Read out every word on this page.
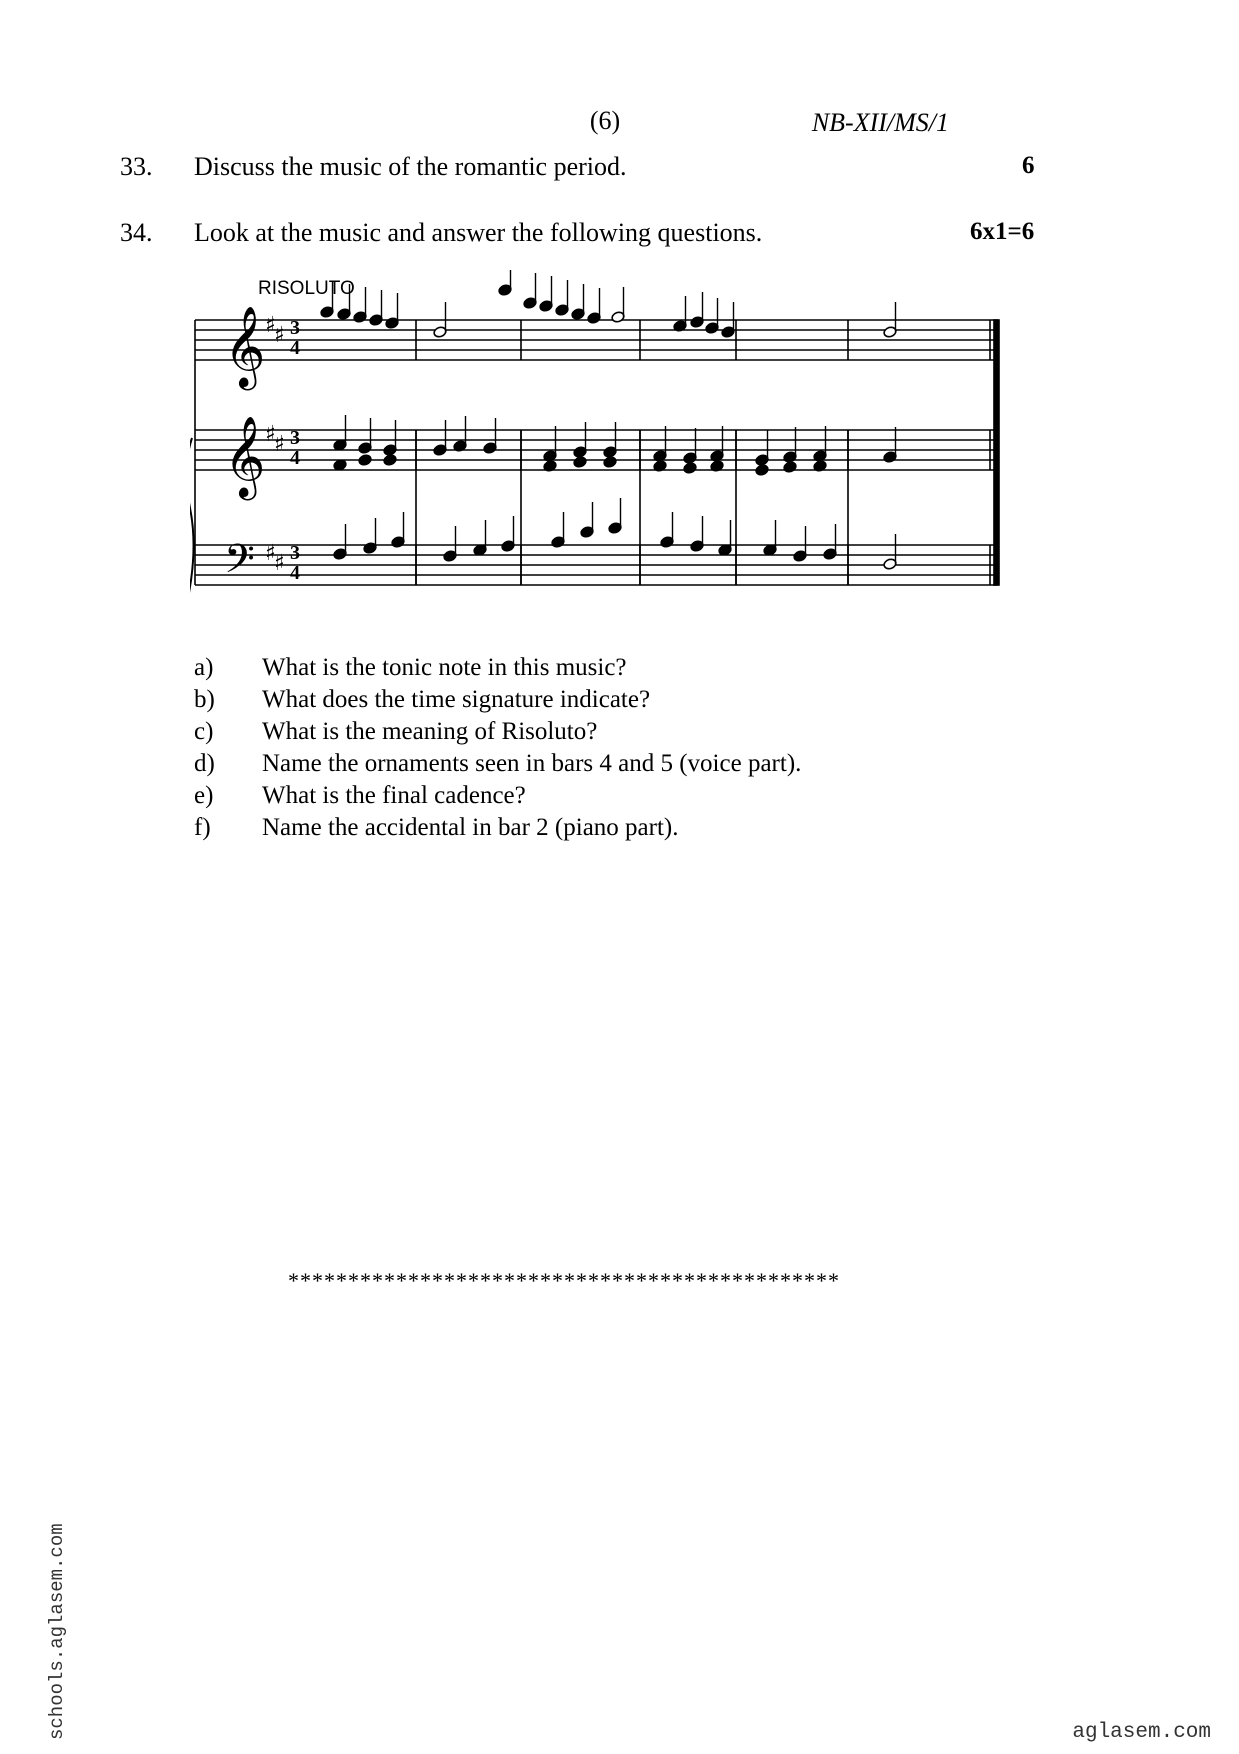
(6)	NB-XII/MS/1
33. Discuss the music of the romantic period.	6
34. Look at the music and answer the following questions.	6x1=6
RISOLUTO
𝄞
𝄞
𝄢
♯
♯
♯
♯
♯
♯
3
4
3
4
3
4
a) What is the tonic note in this music?
b) What does the time signature indicate?
c) What is the meaning of Risoluto?
d) Name the ornaments seen in bars 4 and 5 (voice part).
e) What is the final cadence?
f) Name the accidental in bar 2 (piano part).
**********************************************
schools.aglasem.com	aglasem.com
